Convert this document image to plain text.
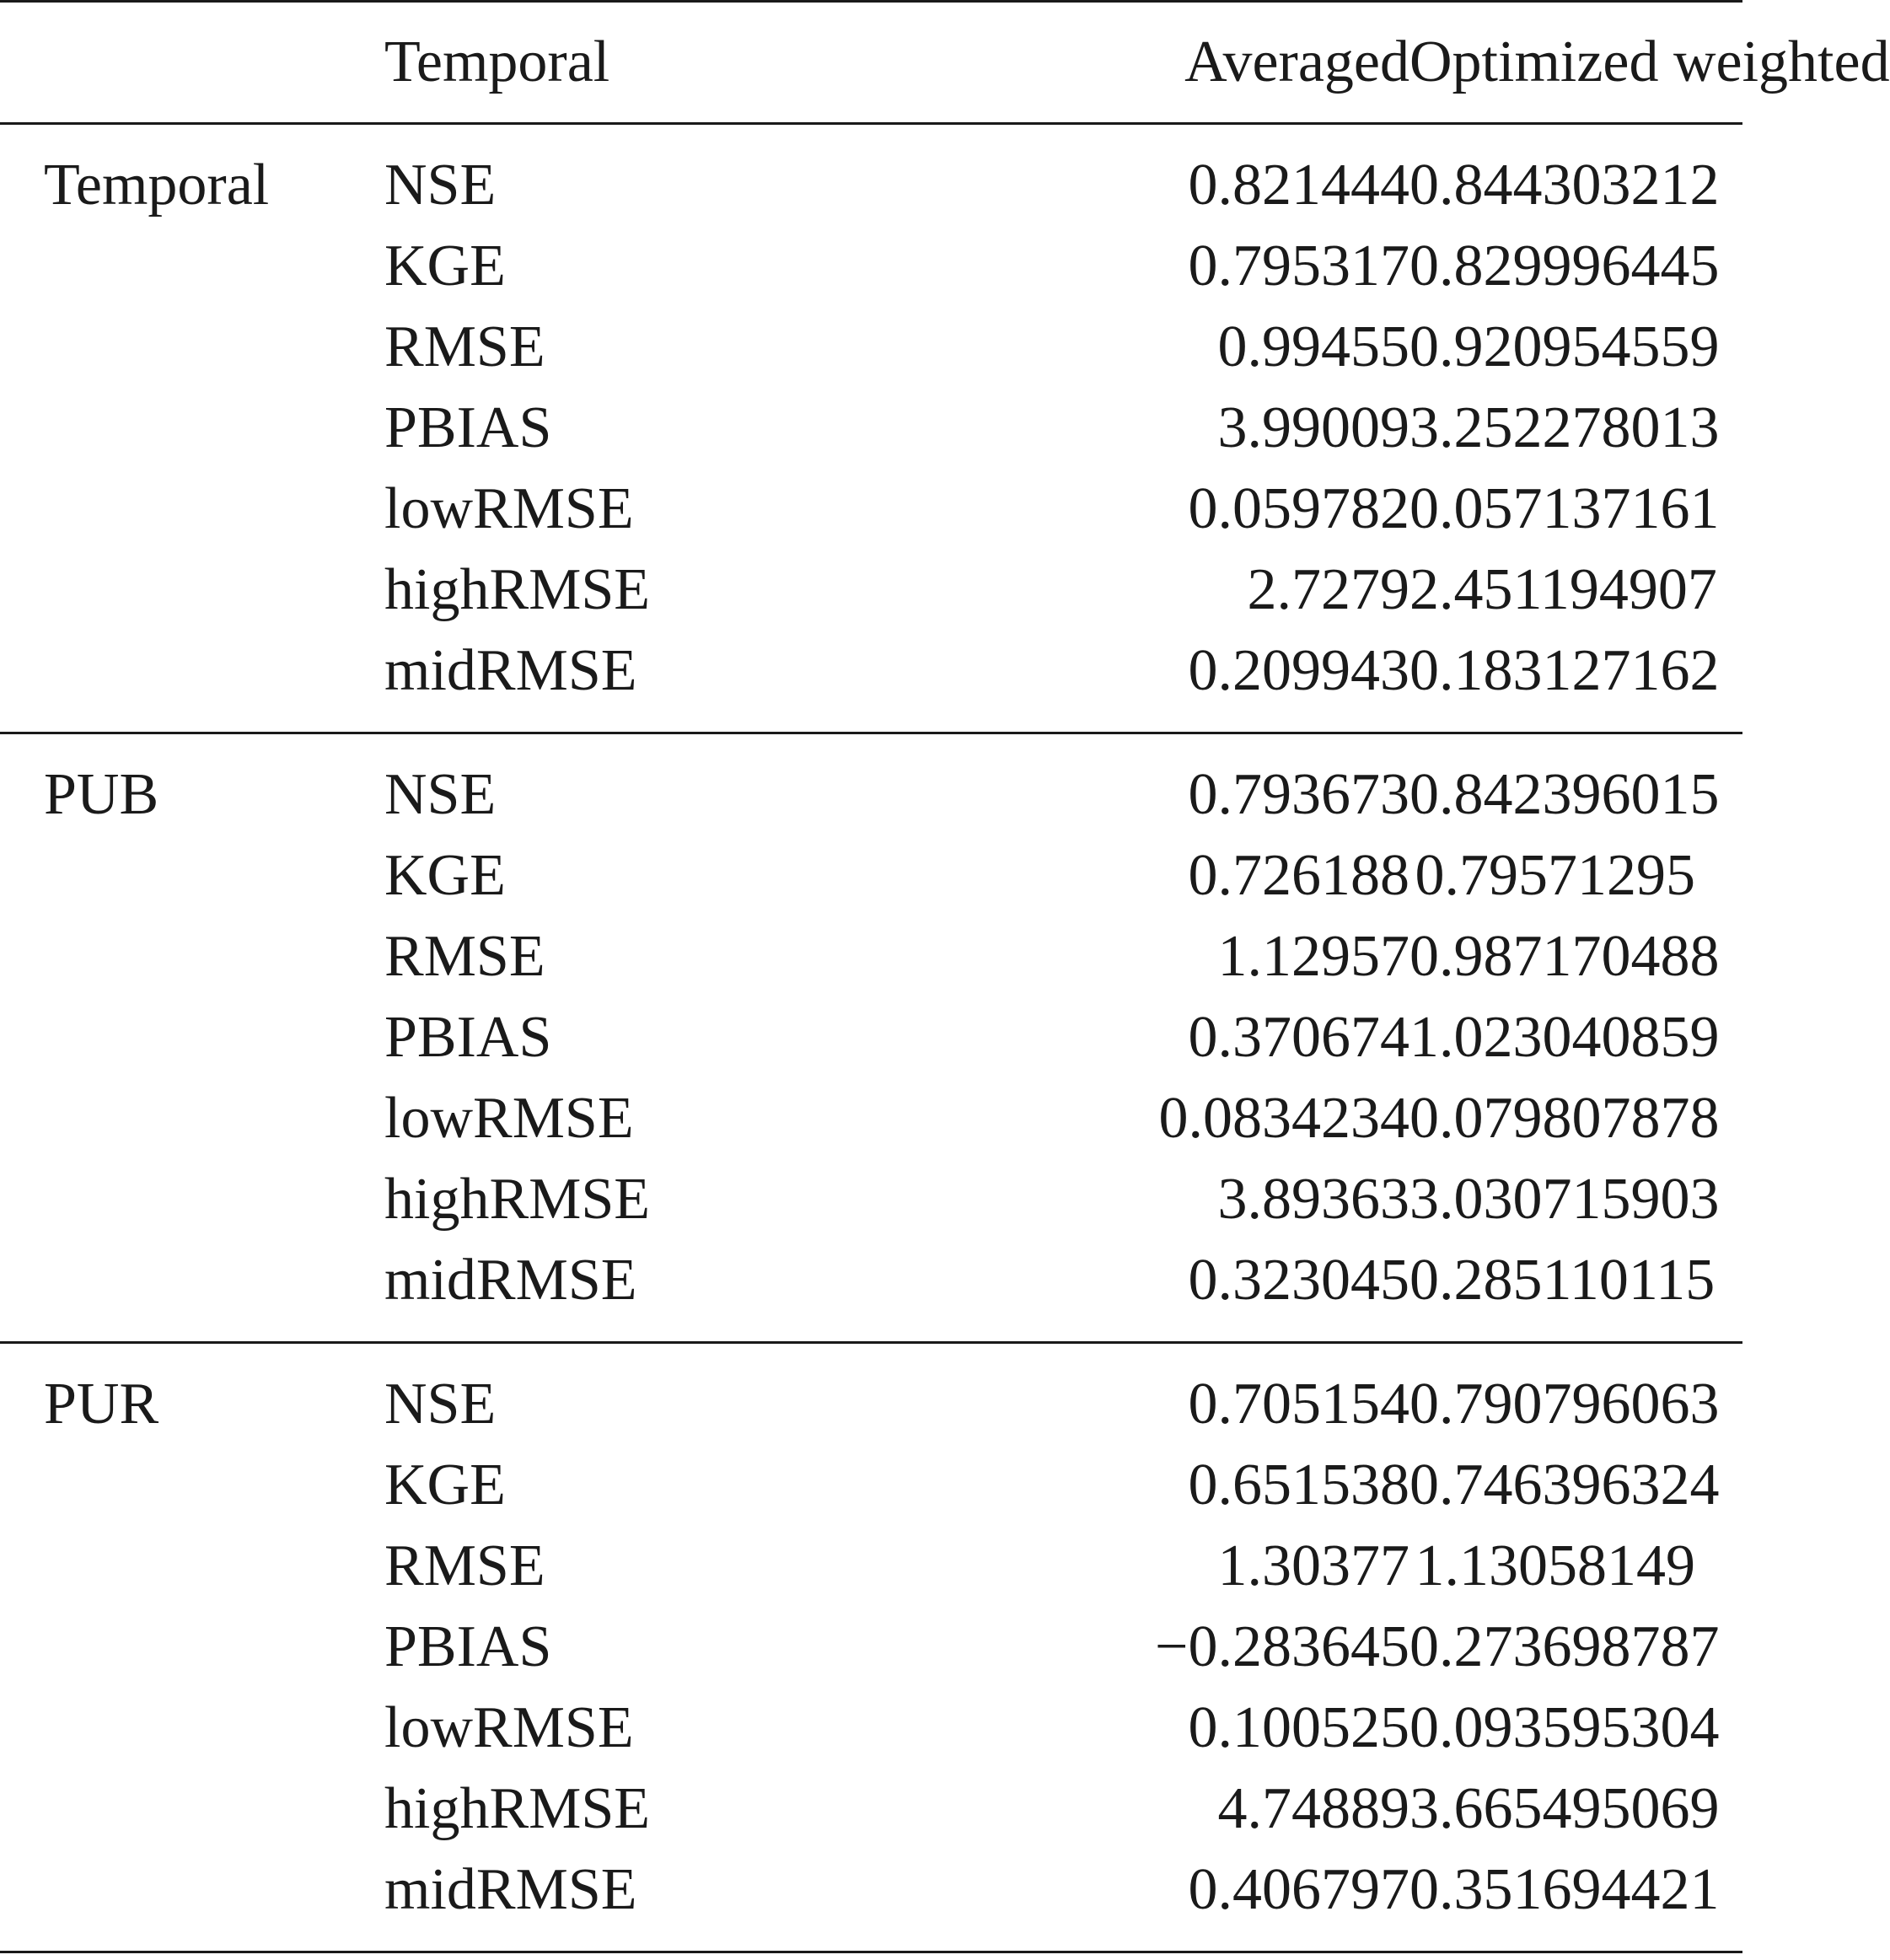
	Temporal	Averaged	Optimized weighted
Temporal	NSE	0.821444	0.844303212
	KGE	0.795317	0.829996445
	RMSE	0.99455	0.920954559
	PBIAS	3.99009	3.252278013
	lowRMSE	0.059782	0.057137161
	highRMSE	2.7279	2.451194907
	midRMSE	0.209943	0.183127162
PUB	NSE	0.793673	0.842396015
	KGE	0.726188	0.79571295
	RMSE	1.12957	0.987170488
	PBIAS	0.370674	1.023040859
	lowRMSE	0.0834234	0.079807878
	highRMSE	3.89363	3.030715903
	midRMSE	0.323045	0.285110115
PUR	NSE	0.705154	0.790796063
	KGE	0.651538	0.746396324
	RMSE	1.30377	1.13058149
	PBIAS	−0.283645	0.273698787
	lowRMSE	0.100525	0.093595304
	highRMSE	4.74889	3.665495069
	midRMSE	0.406797	0.351694421
